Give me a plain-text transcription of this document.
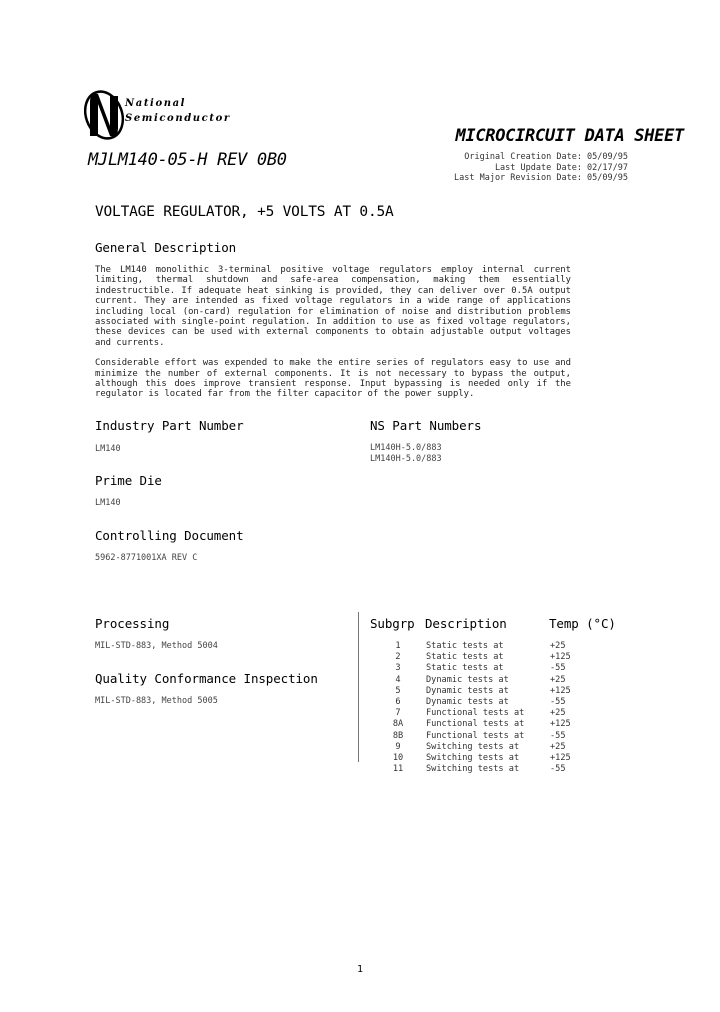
National
Semiconductor
MICROCIRCUIT DATA SHEET
MJLM140-05-H REV 0B0	Original Creation Date: 05/09/95
Last Update Date: 02/17/97
Last Major Revision Date: 05/09/95
VOLTAGE REGULATOR, +5 VOLTS AT 0.5A
General Description

The LM140 monolithic 3-terminal positive voltage regulators employ internal current limiting, thermal shutdown and safe-area compensation, making them essentially indestructible. If adequate heat sinking is provided, they can deliver over 0.5A output current. They are intended as fixed voltage regulators in a wide range of applications including local (on-card) regulation for elimination of noise and distribution problems associated with single-point regulation. In addition to use as fixed voltage regulators, these devices can be used with external components to obtain adjustable output voltages and currents.

Considerable effort was expended to make the entire series of regulators easy to use and minimize the number of external components. It is not necessary to bypass the output, although this does improve transient response. Input bypassing is needed only if the regulator is located far from the filter capacitor of the power supply.

Industry Part Number
LM140
NS Part Numbers
LM140H-5.0/883
LM140H-5.0/883
Prime Die
LM140
Controlling Document
5962-8771001XA REV C
Processing
MIL-STD-883, Method 5004
Quality Conformance Inspection
MIL-STD-883, Method 5005
Subgrp Description	Temp (°C)
1	Static tests at	+25
2	Static tests at	+125
3	Static tests at	-55
4	Dynamic tests at	+25
5	Dynamic tests at	+125
6	Dynamic tests at	-55
7	Functional tests at	+25
8A	Functional tests at	+125
8B	Functional tests at	-55
9	Switching tests at	+25
10	Switching tests at	+125
11	Switching tests at	-55
1
